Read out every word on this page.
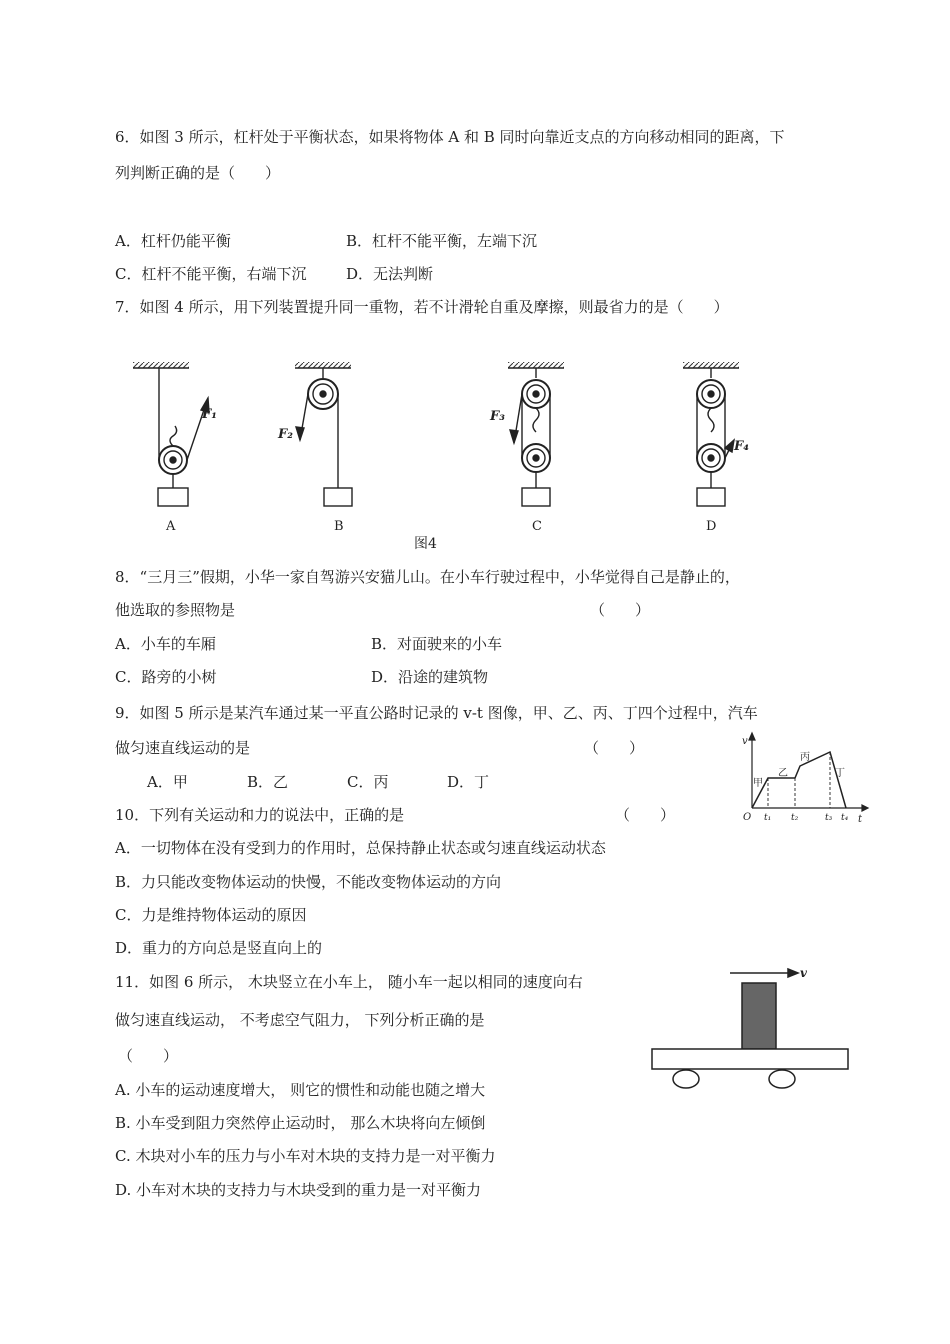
6．如图 3 所示，杠杆处于平衡状态，如果将物体 A 和 B 同时向靠近支点的方向移动相同的距离，下
列判断正确的是（　　）
A．杠杆仍能平衡	B．杠杆不能平衡，左端下沉
C．杠杆不能平衡，右端下沉	D．无法判断
7．如图 4 所示，用下列装置提升同一重物，若不计滑轮自重及摩擦，则最省力的是（　　）
F₁
F₂
F₃
F₄
A	B	C	D
图4
8．“三月三”假期，小华一家自驾游兴安猫儿山。在小车行驶过程中，小华觉得自己是静止的，
他选取的参照物是	（　　）
A．小车的车厢	B．对面驶来的小车
C．路旁的小树	D．沿途的建筑物
9．如图 5 所示是某汽车通过某一平直公路时记录的 v-t 图像，甲、乙、丙、丁四个过程中，汽车
做匀速直线运动的是	（　　）
A．甲	B．乙	C．丙	D．丁
v
t
O t₁ t₂	t₃ t₄
甲
乙
丙
丁
10．下列有关运动和力的说法中，正确的是	（　　）
A．一切物体在没有受到力的作用时，总保持静止状态或匀速直线运动状态
B．力只能改变物体运动的快慢，不能改变物体运动的方向
C．力是维持物体运动的原因
D．重力的方向总是竖直向上的
11．如图 6 所示， 木块竖立在小车上， 随小车一起以相同的速度向右
做匀速直线运动， 不考虑空气阻力， 下列分析正确的是
（　　）
A. 小车的运动速度增大， 则它的惯性和动能也随之增大
B. 小车受到阻力突然停止运动时， 那么木块将向左倾倒
C. 木块对小车的压力与小车对木块的支持力是一对平衡力
D. 小车对木块的支持力与木块受到的重力是一对平衡力
v
